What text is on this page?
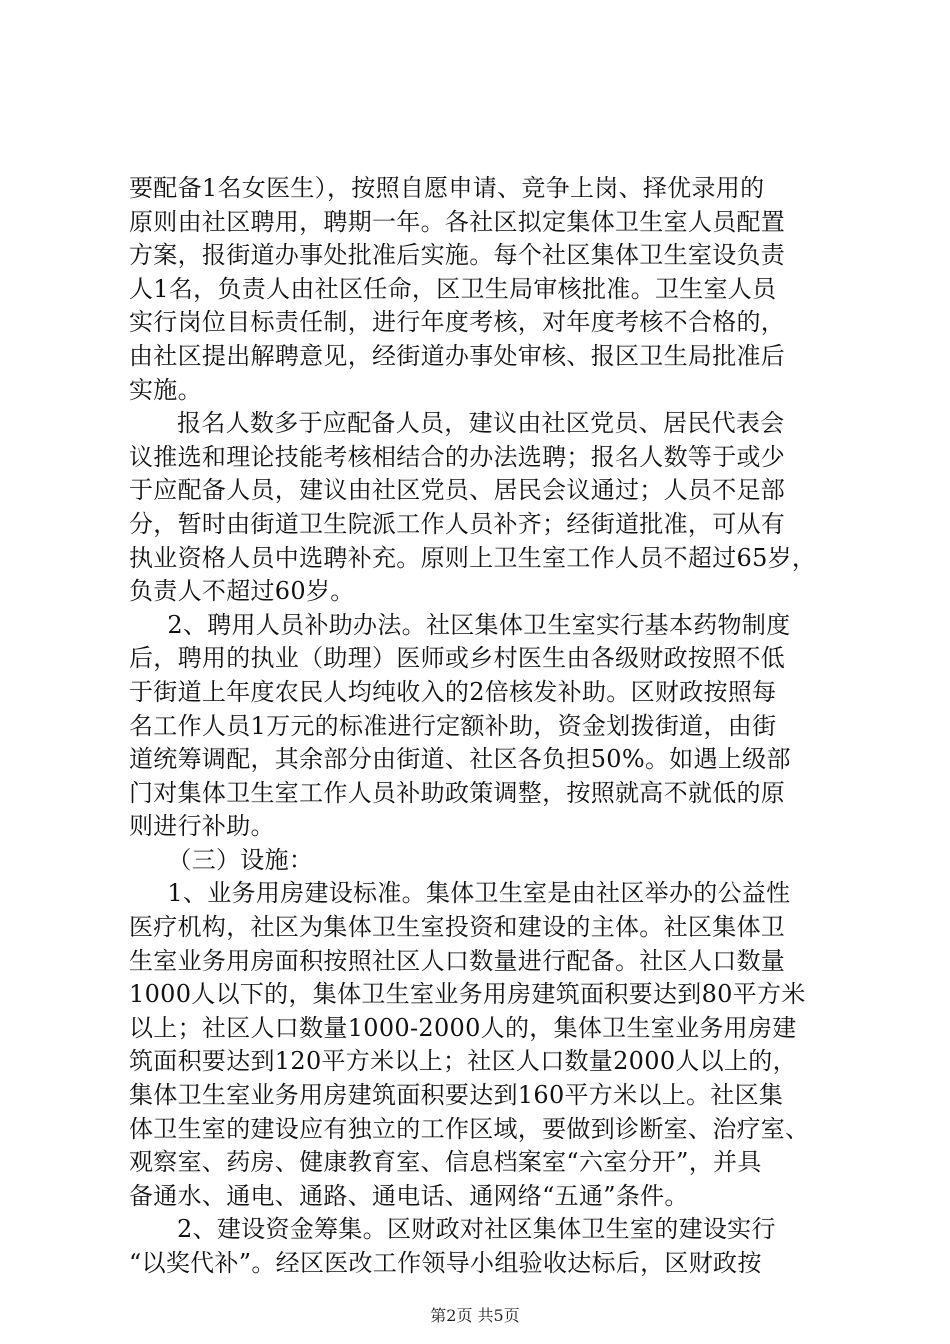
要配备1名女医生），按照自愿申请、竞争上岗、择优录用的
原则由社区聘用，聘期一年。各社区拟定集体卫生室人员配置
方案，报街道办事处批准后实施。每个社区集体卫生室设负责
人1名，负责人由社区任命，区卫生局审核批准。卫生室人员
实行岗位目标责任制，进行年度考核，对年度考核不合格的，
由社区提出解聘意见，经街道办事处审核、报区卫生局批准后
实施。
报名人数多于应配备人员，建议由社区党员、居民代表会
议推选和理论技能考核相结合的办法选聘；报名人数等于或少
于应配备人员，建议由社区党员、居民会议通过；人员不足部
分，暂时由街道卫生院派工作人员补齐；经街道批准，可从有
执业资格人员中选聘补充。原则上卫生室工作人员不超过65岁，
负责人不超过60岁。
2、聘用人员补助办法。社区集体卫生室实行基本药物制度
后，聘用的执业（助理）医师或乡村医生由各级财政按照不低
于街道上年度农民人均纯收入的2倍核发补助。区财政按照每
名工作人员1万元的标准进行定额补助，资金划拨街道，由街
道统筹调配，其余部分由街道、社区各负担50%。如遇上级部
门对集体卫生室工作人员补助政策调整，按照就高不就低的原
则进行补助。
（三）设施：
1、业务用房建设标准。集体卫生室是由社区举办的公益性
医疗机构，社区为集体卫生室投资和建设的主体。社区集体卫
生室业务用房面积按照社区人口数量进行配备。社区人口数量
1000人以下的，集体卫生室业务用房建筑面积要达到80平方米
以上；社区人口数量1000-2000人的，集体卫生室业务用房建
筑面积要达到120平方米以上；社区人口数量2000人以上的，
集体卫生室业务用房建筑面积要达到160平方米以上。社区集
体卫生室的建设应有独立的工作区域，要做到诊断室、治疗室、
观察室、药房、健康教育室、信息档案室“六室分开”，并具
备通水、通电、通路、通电话、通网络“五通”条件。
2、建设资金筹集。区财政对社区集体卫生室的建设实行
“以奖代补”。经区医改工作领导小组验收达标后，区财政按
第2页 共5页
